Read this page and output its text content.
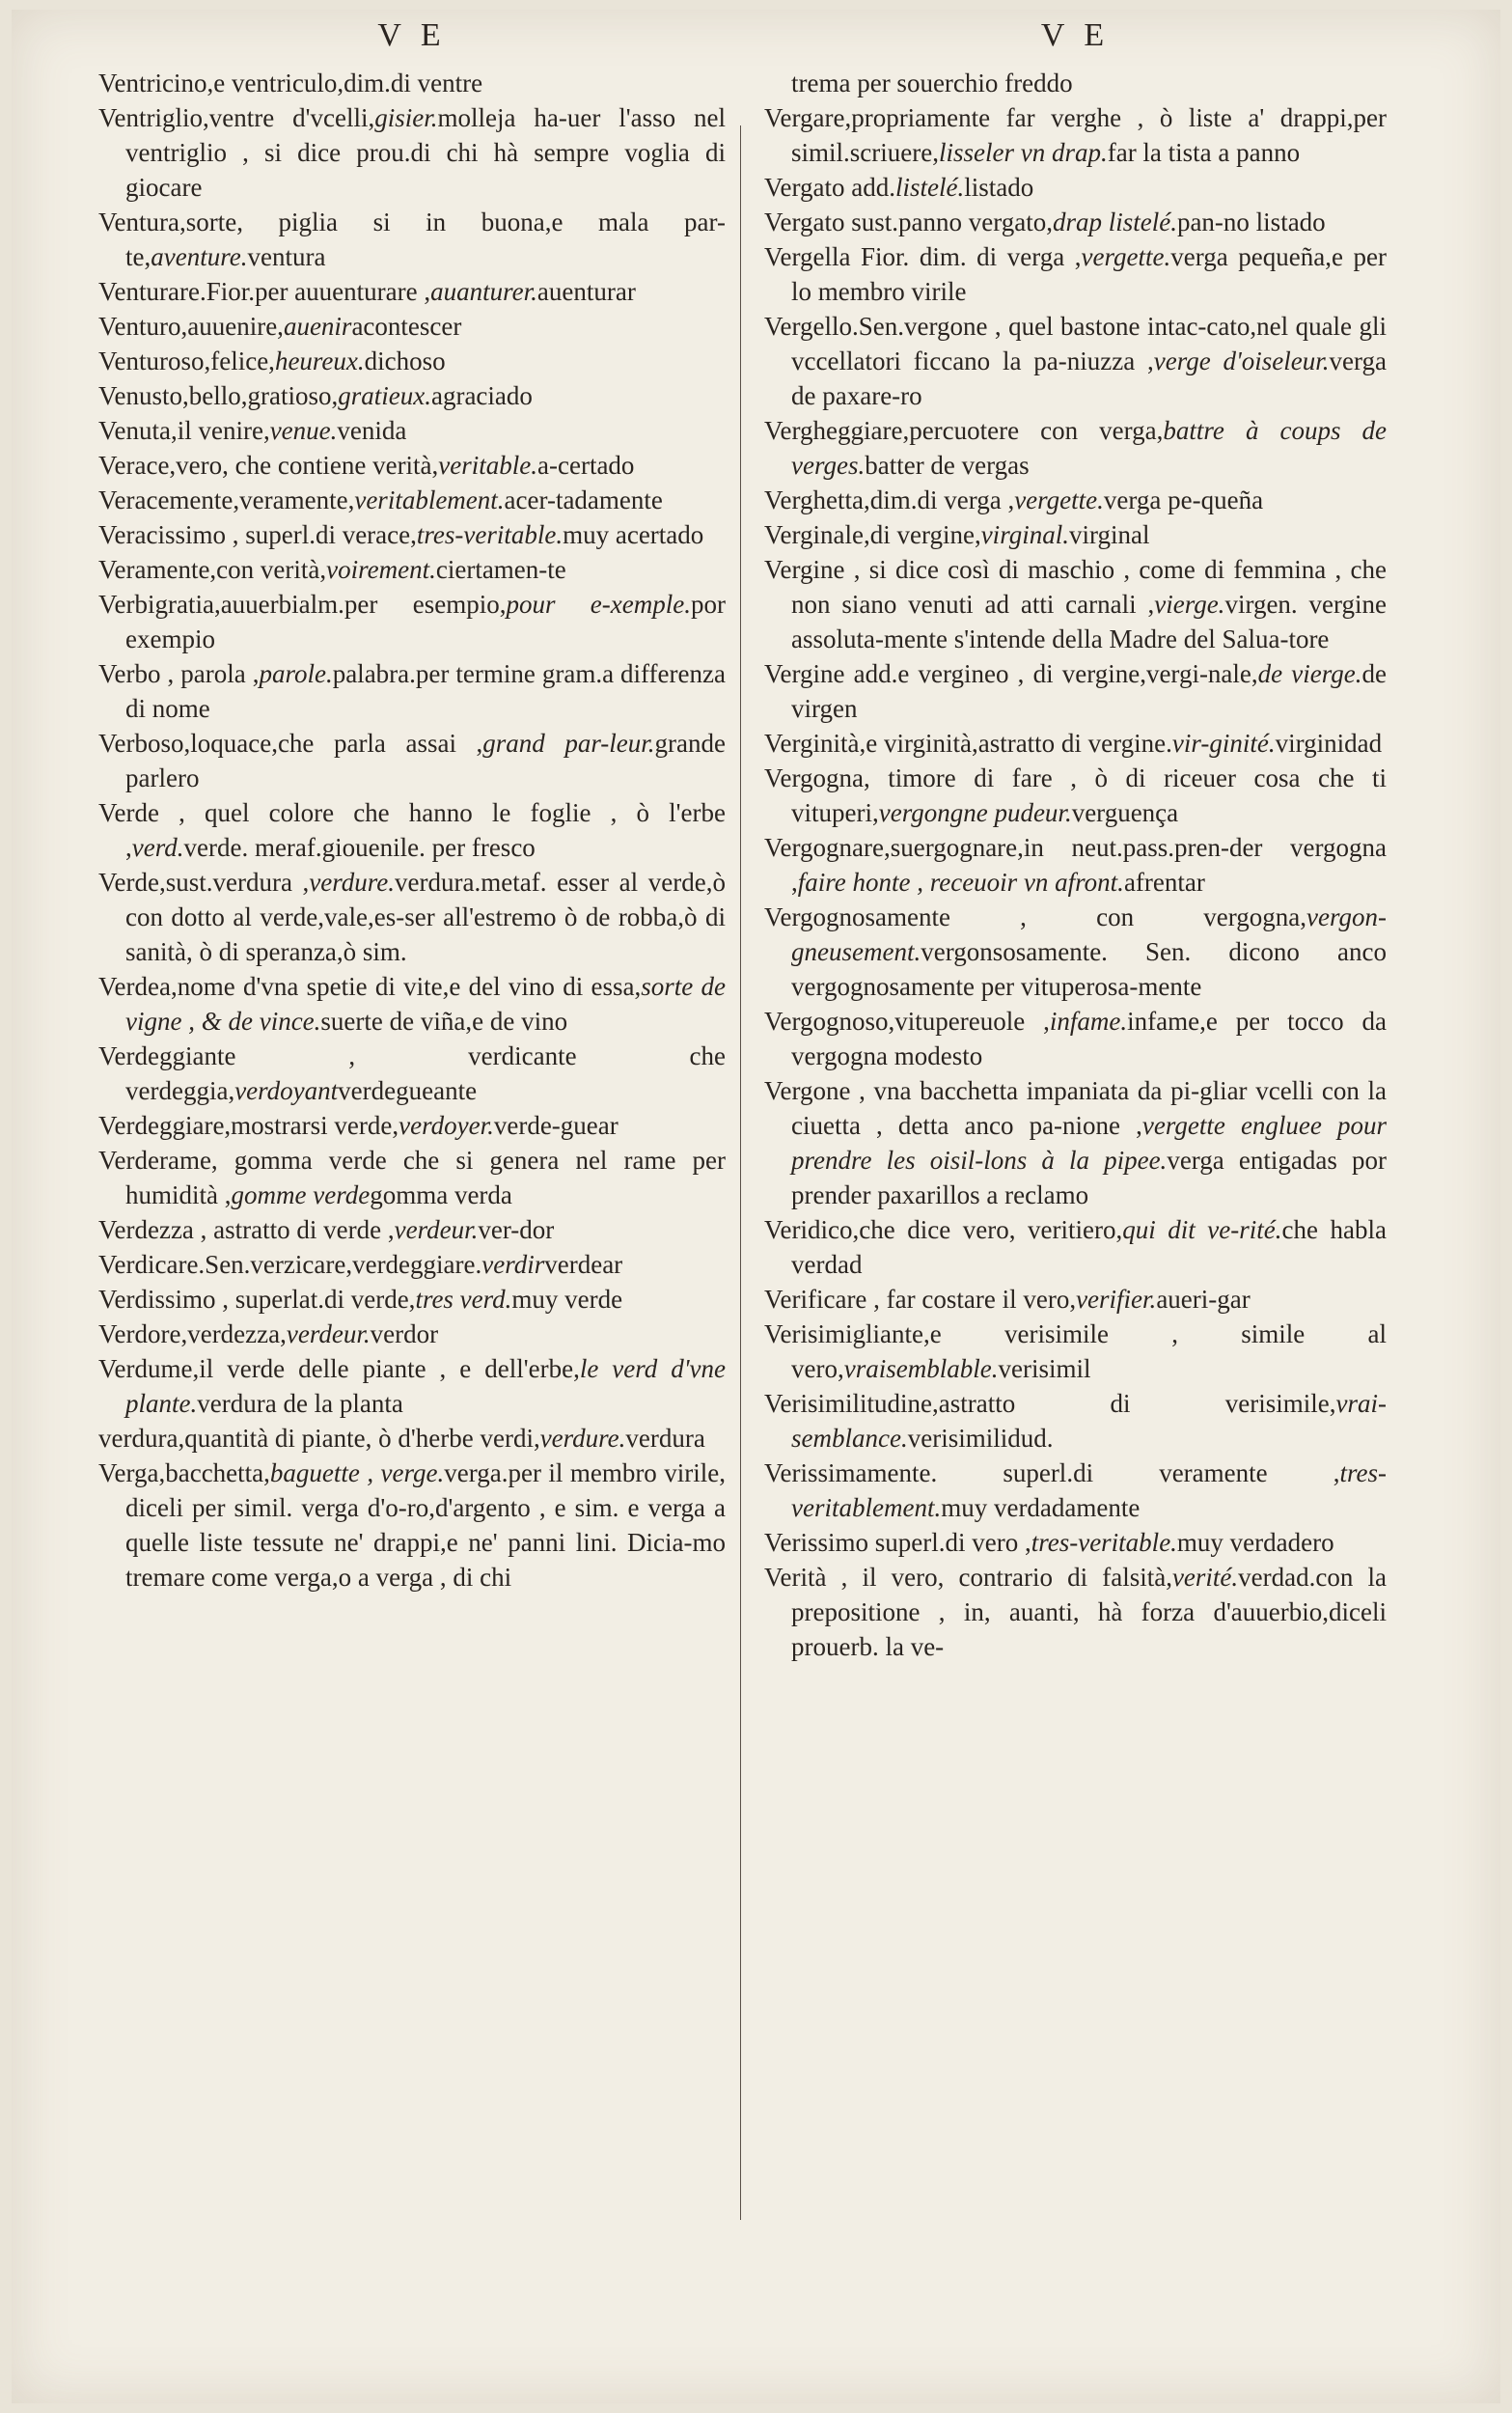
V E

Ventricino,e ventriculo,dim.di ventre

Ventriglio,ventre d'vcelli,gisier.molleja ha-uer l'asso nel ventriglio , si dice prou.di chi hà sempre voglia di giocare

Ventura,sorte, piglia si in buona,e mala par-te,aventure.ventura

Venturare.Fior.per auuenturare ,auanturer.auenturar

Venturo,auuenire,aueniracontescer

Venturoso,felice,heureux.dichoso

Venusto,bello,gratioso,gratieux.agraciado

Venuta,il venire,venue.venida

Verace,vero, che contiene verità,veritable.a-certado

Veracemente,veramente,veritablement.acer-tadamente

Veracissimo , superl.di verace,tres-veritable.muy acertado

Veramente,con verità,voirement.ciertamen-te

Verbigratia,auuerbialm.per esempio,pour e-xemple.por exempio

Verbo , parola ,parole.palabra.per termine gram.a differenza di nome

Verboso,loquace,che parla assai ,grand par-leur.grande parlero

Verde , quel colore che hanno le foglie , ò l'erbe ,verd.verde. meraf.giouenile. per fresco

Verde,sust.verdura ,verdure.verdura.metaf. esser al verde,ò con dotto al verde,vale,es-ser all'estremo ò de robba,ò di sanità, ò di speranza,ò sim.

Verdea,nome d'vna spetie di vite,e del vino di essa,sorte de vigne , & de vince.suerte de viña,e de vino

Verdeggiante , verdicante che verdeggia,verdoyantverdegueante

Verdeggiare,mostrarsi verde,verdoyer.verde-guear

Verderame, gomma verde che si genera nel rame per humidità ,gomme verdegomma verda

Verdezza , astratto di verde ,verdeur.ver-dor

Verdicare.Sen.verzicare,verdeggiare.verdirverdear

Verdissimo , superlat.di verde,tres verd.muy verde

Verdore,verdezza,verdeur.verdor

Verdume,il verde delle piante , e dell'erbe,le verd d'vne plante.verdura de la planta

verdura,quantità di piante, ò d'herbe verdi,verdure.verdura

Verga,bacchetta,baguette , verge.verga.per il membro virile, diceli per simil. verga d'o-ro,d'argento , e sim. e verga a quelle liste tessute ne' drappi,e ne' panni lini. Dicia-mo tremare come verga,o a verga , di chi

V E

trema per souerchio freddo

Vergare,propriamente far verghe , ò liste a' drappi,per simil.scriuere,lisseler vn drap.far la tista a panno

Vergato add.listelé.listado

Vergato sust.panno vergato,drap listelé.pan-no listado

Vergella Fior. dim. di verga ,vergette.verga pequeña,e per lo membro virile

Vergello.Sen.vergone , quel bastone intac-cato,nel quale gli vccellatori ficcano la pa-niuzza ,verge d'oiseleur.verga de paxare-ro

Vergheggiare,percuotere con verga,battre à coups de verges.batter de vergas

Verghetta,dim.di verga ,vergette.verga pe-queña

Verginale,di vergine,virginal.virginal

Vergine , si dice così di maschio , come di femmina , che non siano venuti ad atti carnali ,vierge.virgen. vergine assoluta-mente s'intende della Madre del Saluа-tore

Vergine add.e vergineo , di vergine,vergi-nale,de vierge.de virgen

Verginità,e virginità,astratto di vergine.vir-ginité.virginidad

Vergogna, timore di fare , ò di riceuer cosa che ti vituperi,vergongne pudeur.verguença

Vergognare,suergognare,in neut.pass.pren-der vergogna ,faire honte , receuoir vn afront.afrentar

Vergognosamente , con vergogna,vergon-gneusement.vergonsosamente. Sen. dicono anco vergognosamente per vituperosa-mente

Vergognoso,vitupereuole ,infame.infame,e per tocco da vergogna modesto

Vergone , vna bacchetta impaniata da pi-gliar vcelli con la ciuetta , detta anco pa-nione ,vergette engluee pour prendre les oisil-lons à la pipee.verga entigadas por prender paxarillos a reclamo

Veridico,che dice vero, veritiero,qui dit ve-rité.che habla verdad

Verificare , far costare il vero,verifier.aueri-gar

Verisimigliante,e verisimile , simile al vero,vraisemblable.verisimil

Verisimilitudine,astratto di verisimile,vrai-semblance.verisimilidud.

Verissimamente. superl.di veramente ,tres-veritablement.muy verdadamente

Verissimo superl.di vero ,tres-veritable.muy verdadero

Verità , il vero, contrario di falsità,verité.verdad.con la prepositione , in, auanti, hà forza d'auuerbio,diceli prouerb. la ve-
